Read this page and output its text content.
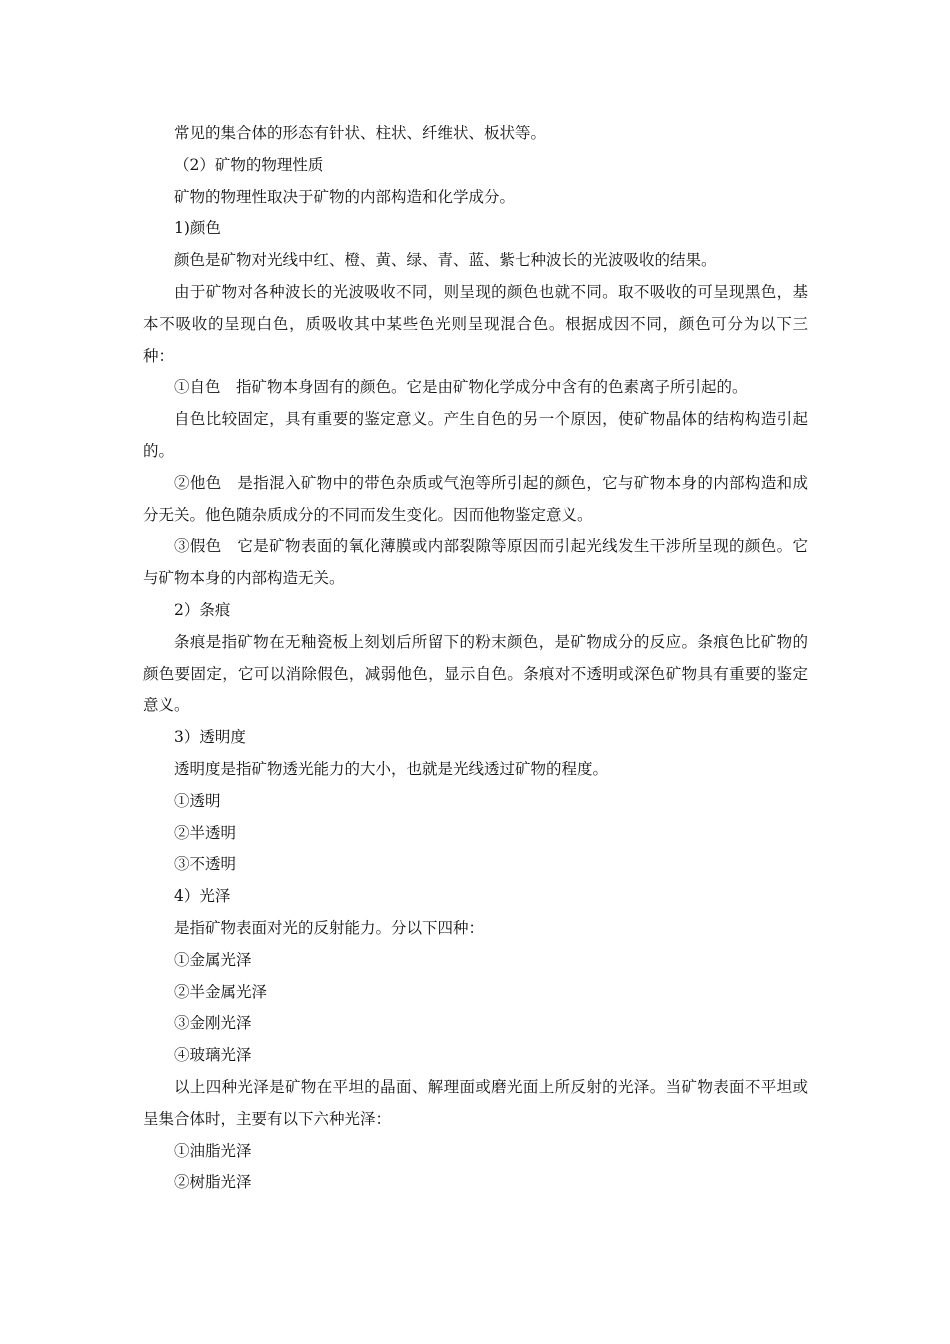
常见的集合体的形态有针状、柱状、纤维状、板状等。

（2）矿物的物理性质

矿物的物理性取决于矿物的内部构造和化学成分。

1)颜色

颜色是矿物对光线中红、橙、黄、绿、青、蓝、紫七种波长的光波吸收的结果。

由于矿物对各种波长的光波吸收不同，则呈现的颜色也就不同。取不吸收的可呈现黑色，基本不吸收的呈现白色，质吸收其中某些色光则呈现混合色。根据成因不同，颜色可分为以下三种：

①自色　指矿物本身固有的颜色。它是由矿物化学成分中含有的色素离子所引起的。

自色比较固定，具有重要的鉴定意义。产生自色的另一个原因，使矿物晶体的结构构造引起的。

②他色　是指混入矿物中的带色杂质或气泡等所引起的颜色，它与矿物本身的内部构造和成分无关。他色随杂质成分的不同而发生变化。因而他物鉴定意义。

③假色　它是矿物表面的氧化薄膜或内部裂隙等原因而引起光线发生干涉所呈现的颜色。它与矿物本身的内部构造无关。

2）条痕

条痕是指矿物在无釉瓷板上刻划后所留下的粉末颜色，是矿物成分的反应。条痕色比矿物的颜色要固定，它可以消除假色，减弱他色，显示自色。条痕对不透明或深色矿物具有重要的鉴定意义。

3）透明度

透明度是指矿物透光能力的大小，也就是光线透过矿物的程度。

①透明

②半透明

③不透明

4）光泽

是指矿物表面对光的反射能力。分以下四种：

①金属光泽

②半金属光泽

③金刚光泽

④玻璃光泽

以上四种光泽是矿物在平坦的晶面、解理面或磨光面上所反射的光泽。当矿物表面不平坦或呈集合体时，主要有以下六种光泽：

①油脂光泽

②树脂光泽
